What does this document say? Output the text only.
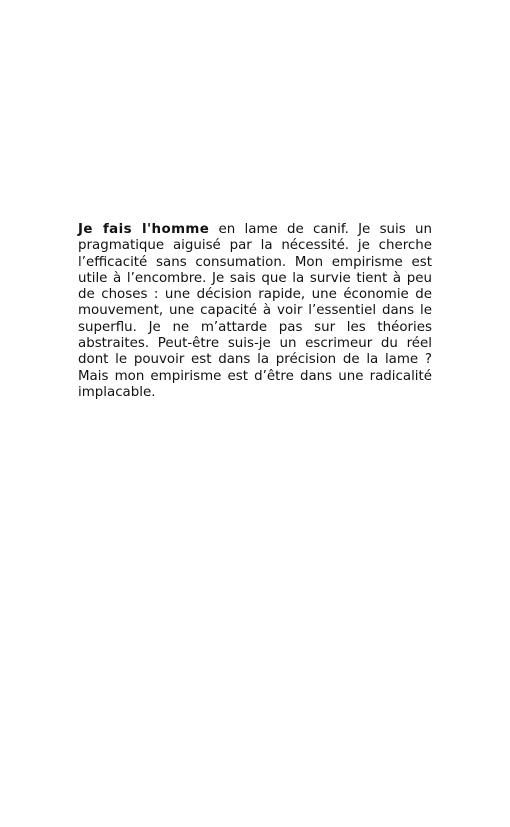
Je fais l'homme en lame de canif. Je suis un pragmatique aiguisé par la nécessité. je cherche l’efficacité sans consumation. Mon empirisme est utile à l’encombre. Je sais que la survie tient à peu de choses : une décision rapide, une économie de mouvement, une capacité à voir l’essentiel dans le superflu. Je ne m’attarde pas sur les théories abstraites. Peut-être suis-je un escrimeur du réel dont le pouvoir est dans la précision de la lame ? Mais mon empirisme est d’être dans une radicalité implacable.
